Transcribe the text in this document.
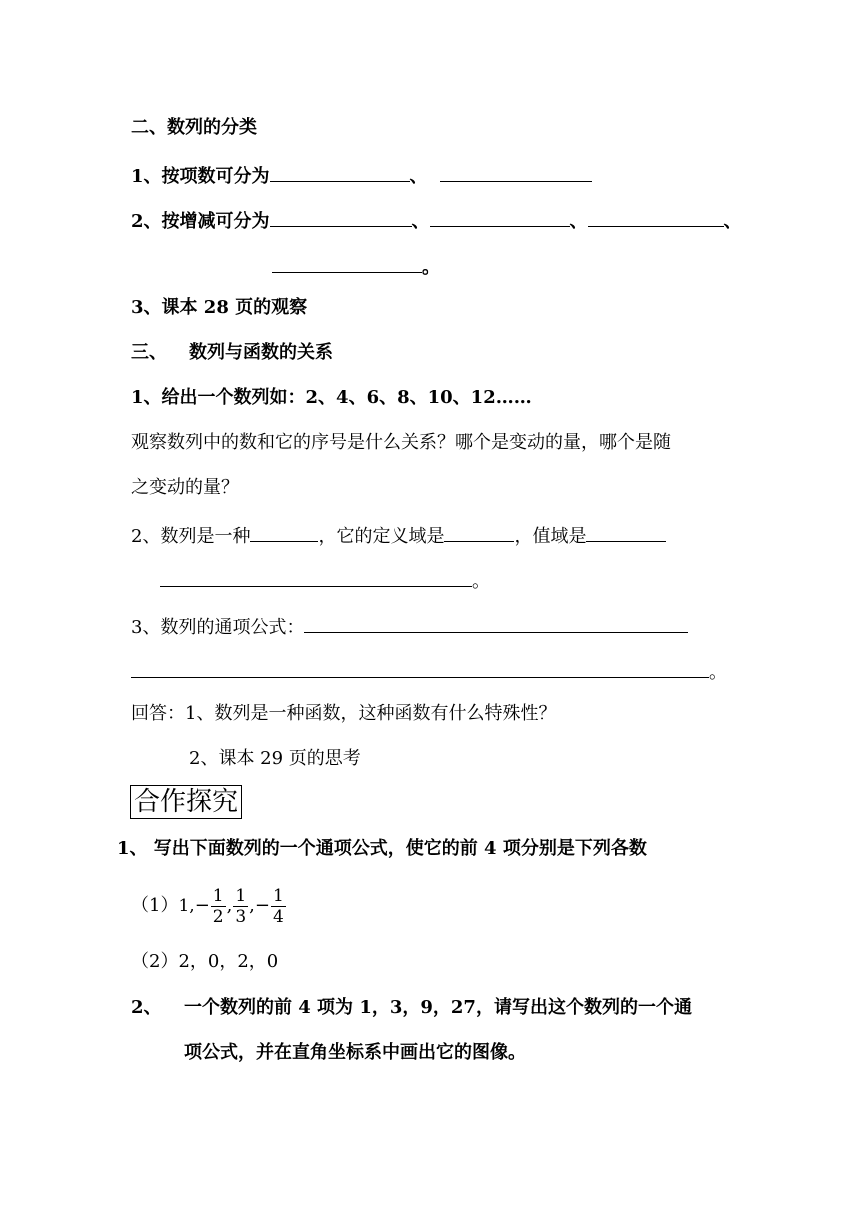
二、数列的分类
1、按项数可分为	、
2、按增减可分为	、	、	、
。
3、课本 28 页的观察
三、 数列与函数的关系
1、给出一个数列如：2、4、6、8、10、12……
观察数列中的数和它的序号是什么关系？哪个是变动的量，哪个是随
之变动的量？
2、数列是一种	，它的定义域是	，值域是
。
3、数列的通项公式：
。
回答：1、数列是一种函数，这种函数有什么特殊性？
2、课本 29 页的思考
合作探究
1、 写出下面数列的一个通项公式，使它的前 4 项分别是下列各数
$(1)1,- \frac{1}{2}$ , $\frac{1}{3}$ ,− $\frac{1}{4}$
（2）2，0，2，0
2、 一个数列的前 4 项为 1，3，9，27，请写出这个数列的一个通
项公式，并在直角坐标系中画出它的图像。
